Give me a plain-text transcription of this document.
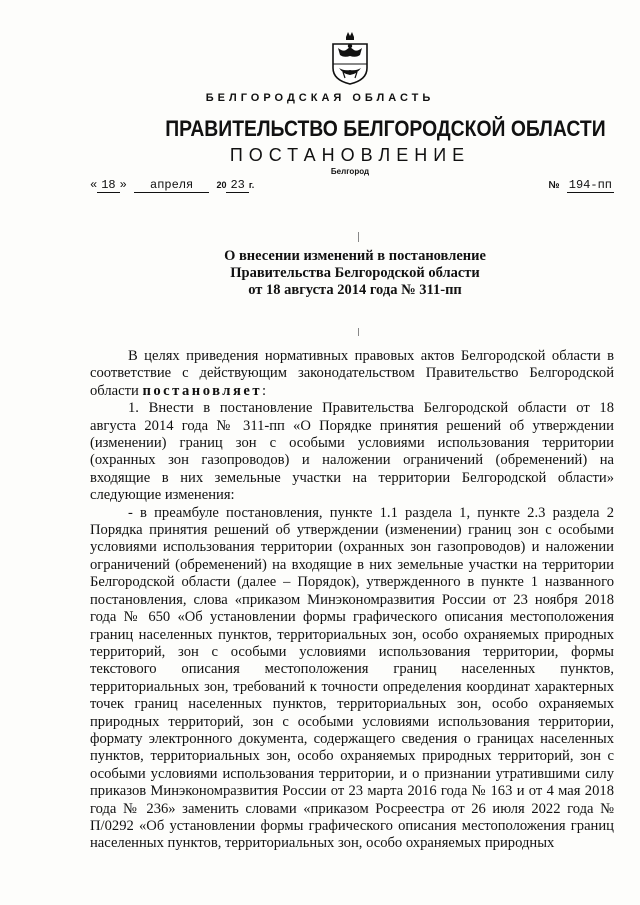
БЕЛГОРОДСКАЯ ОБЛАСТЬ
ПРАВИТЕЛЬСТВО БЕЛГОРОДСКОЙ ОБЛАСТИ
ПОСТАНОВЛЕНИЕ
Белгород
« 18 » апреля	20 23 г.	№ 194-пп
О внесении изменений в постановление
Правительства Белгородской области
от 18 августа 2014 года № 311-пп

В целях приведения нормативных правовых актов Белгородской области в соответствие с действующим законодательством Правительство Белгородской области постановляет:

1. Внести в постановление Правительства Белгородской области от 18 августа 2014 года № 311-пп «О Порядке принятия решений об утверждении (изменении) границ зон с особыми условиями использования территории (охранных зон газопроводов) и наложении ограничений (обременений) на входящие в них земельные участки на территории Белгородской области» следующие изменения:

- в преамбуле постановления, пункте 1.1 раздела 1, пункте 2.3 раздела 2 Порядка принятия решений об утверждении (изменении) границ зон с особыми условиями использования территории (охранных зон газопроводов) и наложении ограничений (обременений) на входящие в них земельные участки на территории Белгородской области (далее – Порядок), утвержденного в пункте 1 названного постановления, слова «приказом Минэкономразвития России от 23 ноября 2018 года № 650 «Об установлении формы графического описания местоположения границ населенных пунктов, территориальных зон, особо охраняемых природных территорий, зон с особыми условиями использования территории, формы текстового описания местоположения границ населенных пунктов, территориальных зон, требований к точности определения координат характерных точек границ населенных пунктов, территориальных зон, особо охраняемых природных территорий, зон с особыми условиями использования территории, формату электронного документа, содержащего сведения о границах населенных пунктов, территориальных зон, особо охраняемых природных территорий, зон с особыми условиями использования территории, и о признании утратившими силу приказов Минэкономразвития России от 23 марта 2016 года № 163 и от 4 мая 2018 года № 236» заменить словами «приказом Росреестра от 26 июля 2022 года № П/0292 «Об установлении формы графического описания местоположения границ населенных пунктов, территориальных зон, особо охраняемых природных
